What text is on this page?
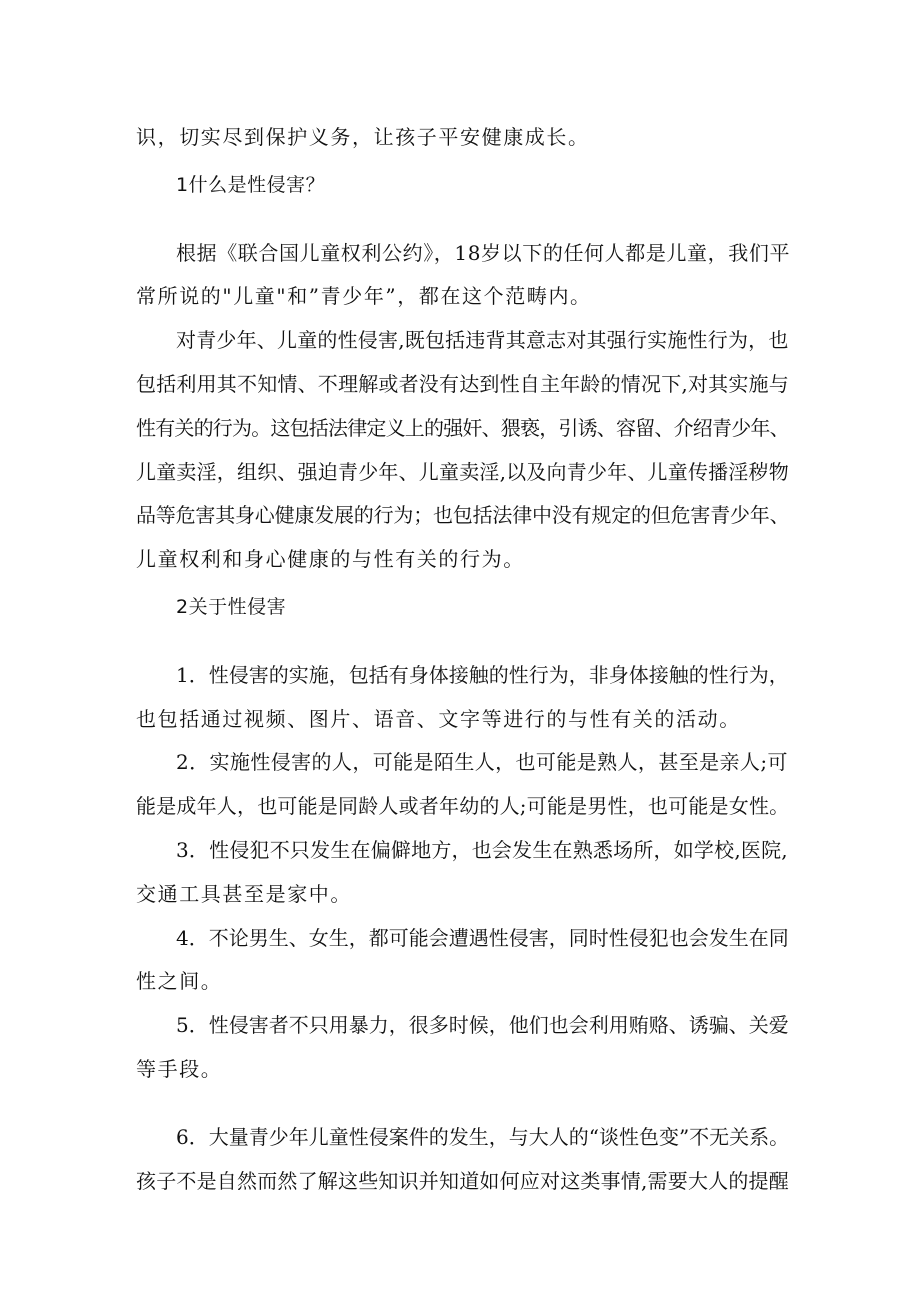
识，切实尽到保护义务，让孩子平安健康成长。
1什么是性侵害？
根据《联合国儿童权利公约》，18岁以下的任何人都是儿童，我们平
常所说的"儿童"和”青少年”，都在这个范畴内。
对青少年、儿童的性侵害,既包括违背其意志对其强行实施性行为，也
包括利用其不知情、不理解或者没有达到性自主年龄的情况下,对其实施与
性有关的行为。这包括法律定义上的强奸、猥亵，引诱、容留、介绍青少年、
儿童卖淫，组织、强迫青少年、儿童卖淫,以及向青少年、儿童传播淫秽物
品等危害其身心健康发展的行为；也包括法律中没有规定的但危害青少年、
儿童权利和身心健康的与性有关的行为。
2关于性侵害
1．性侵害的实施，包括有身体接触的性行为，非身体接触的性行为，
也包括通过视频、图片、语音、文字等进行的与性有关的活动。
2．实施性侵害的人，可能是陌生人，也可能是熟人，甚至是亲人;可
能是成年人，也可能是同龄人或者年幼的人;可能是男性，也可能是女性。
3．性侵犯不只发生在偏僻地方，也会发生在熟悉场所，如学校,医院,
交通工具甚至是家中。
4．不论男生、女生，都可能会遭遇性侵害，同时性侵犯也会发生在同
性之间。
5．性侵害者不只用暴力，很多时候，他们也会利用贿赂、诱骗、关爱
等手段。
6．大量青少年儿童性侵案件的发生，与大人的“谈性色变”不无关系。
孩子不是自然而然了解这些知识并知道如何应对这类事情,需要大人的提醒
